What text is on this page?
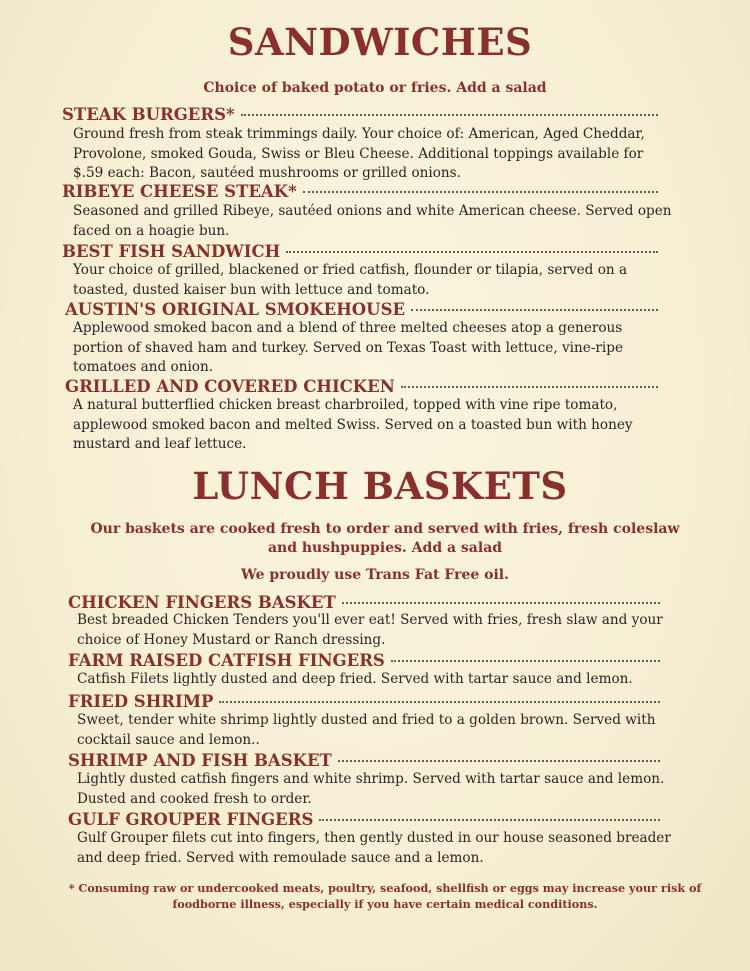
SANDWICHES
Choice of baked potato or fries. Add a salad
STEAK BURGERS*
Ground fresh from steak trimmings daily. Your choice of: American, Aged Cheddar, Provolone, smoked Gouda, Swiss or Bleu Cheese. Additional toppings available for $.59 each: Bacon, sautéed mushrooms or grilled onions.
RIBEYE CHEESE STEAK*
Seasoned and grilled Ribeye, sautéed onions and white American cheese. Served open faced on a hoagie bun.
BEST FISH SANDWICH
Your choice of grilled, blackened or fried catfish, flounder or tilapia, served on a toasted, dusted kaiser bun with lettuce and tomato.
AUSTIN'S ORIGINAL SMOKEHOUSE
Applewood smoked bacon and a blend of three melted cheeses atop a generous portion of shaved ham and turkey. Served on Texas Toast with lettuce, vine-ripe tomatoes and onion.
GRILLED AND COVERED CHICKEN
A natural butterflied chicken breast charbroiled, topped with vine ripe tomato, applewood smoked bacon and melted Swiss. Served on a toasted bun with honey mustard and leaf lettuce.
LUNCH BASKETS
Our baskets are cooked fresh to order and served with fries, fresh coleslaw and hushpuppies. Add a salad
We proudly use Trans Fat Free oil.
CHICKEN FINGERS BASKET
Best breaded Chicken Tenders you'll ever eat! Served with fries, fresh slaw and your choice of Honey Mustard or Ranch dressing.
FARM RAISED CATFISH FINGERS
Catfish Filets lightly dusted and deep fried. Served with tartar sauce and lemon.
FRIED SHRIMP
Sweet, tender white shrimp lightly dusted and fried to a golden brown. Served with cocktail sauce and lemon..
SHRIMP AND FISH BASKET
Lightly dusted catfish fingers and white shrimp. Served with tartar sauce and lemon. Dusted and cooked fresh to order.
GULF GROUPER FINGERS
Gulf Grouper filets cut into fingers, then gently dusted in our house seasoned breader and deep fried. Served with remoulade sauce and a lemon.
* Consuming raw or undercooked meats, poultry, seafood, shellfish or eggs may increase your risk of foodborne illness, especially if you have certain medical conditions.
